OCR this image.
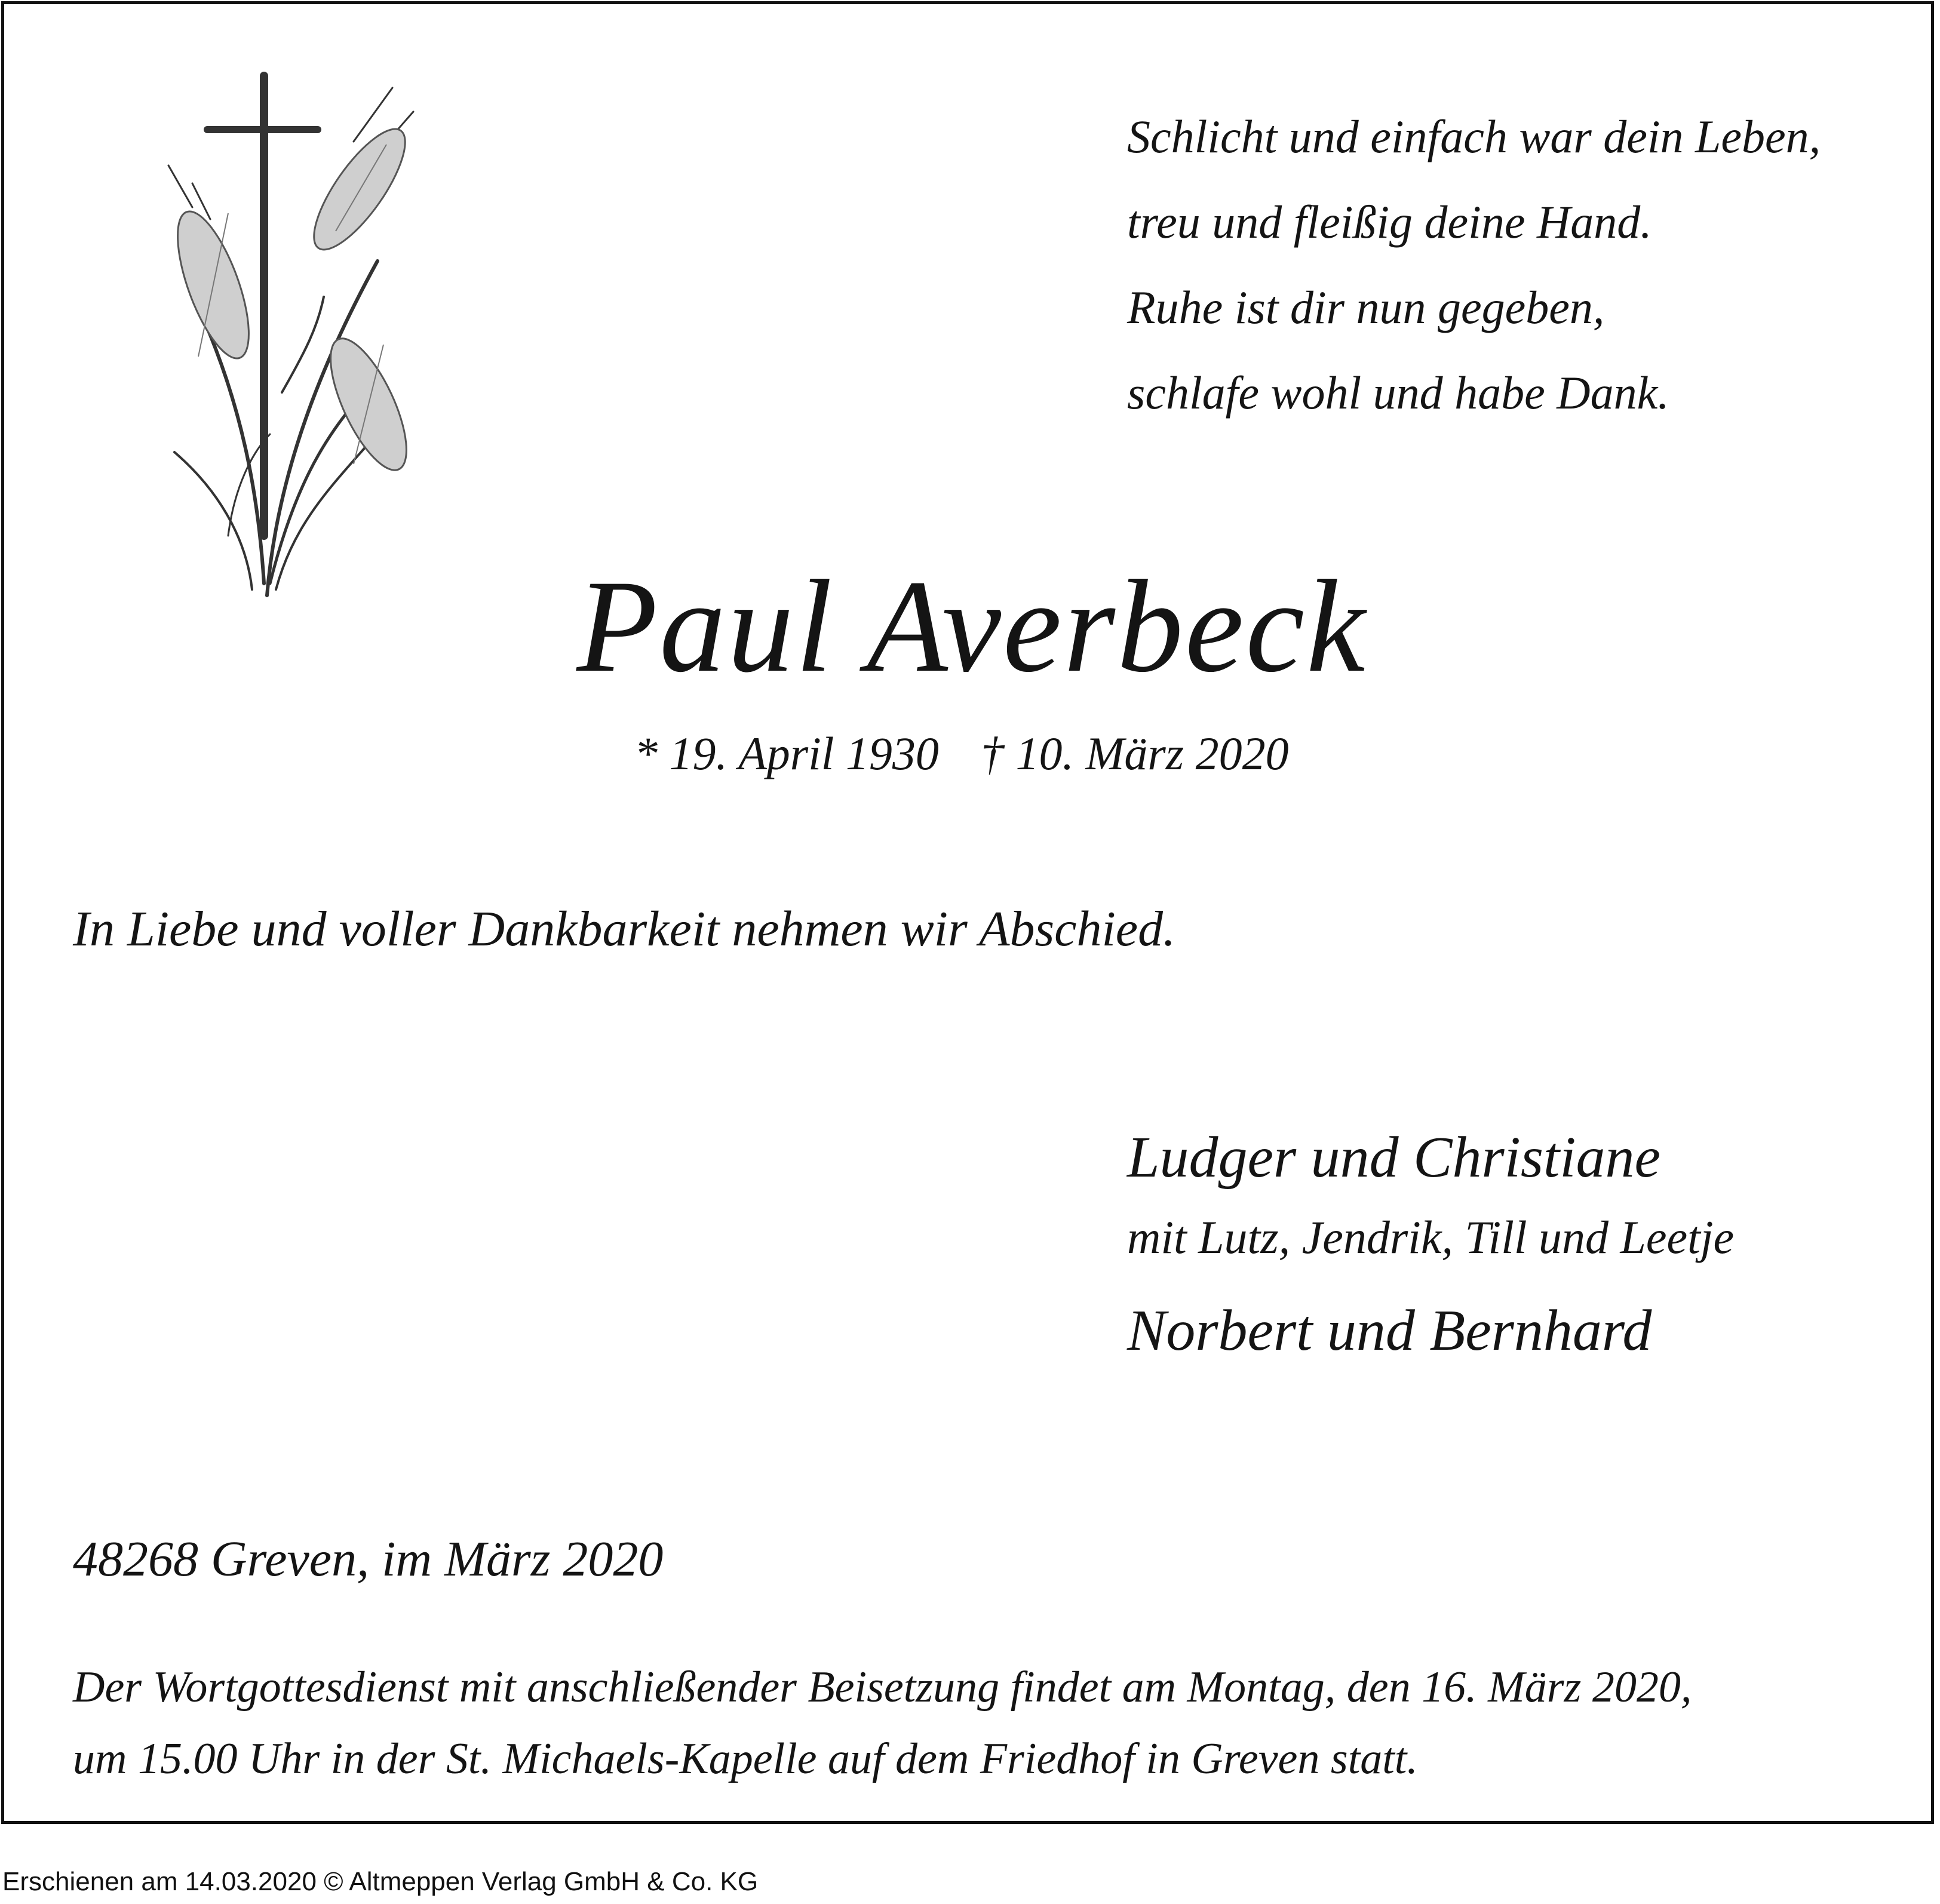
Schlicht und einfach war dein Leben,
treu und fleißig deine Hand.
Ruhe ist dir nun gegeben,
schlafe wohl und habe Dank.
Paul Averbeck
* 19. April 1930 † 10. März 2020
In Liebe und voller Dankbarkeit nehmen wir Abschied.
Ludger und Christiane
mit Lutz, Jendrik, Till und Leetje
Norbert und Bernhard
48268 Greven, im März 2020
Der Wortgottesdienst mit anschließender Beisetzung findet am Montag, den 16. März 2020,
um 15.00 Uhr in der St. Michaels-Kapelle auf dem Friedhof in Greven statt.
Erschienen am 14.03.2020 © Altmeppen Verlag GmbH & Co. KG
